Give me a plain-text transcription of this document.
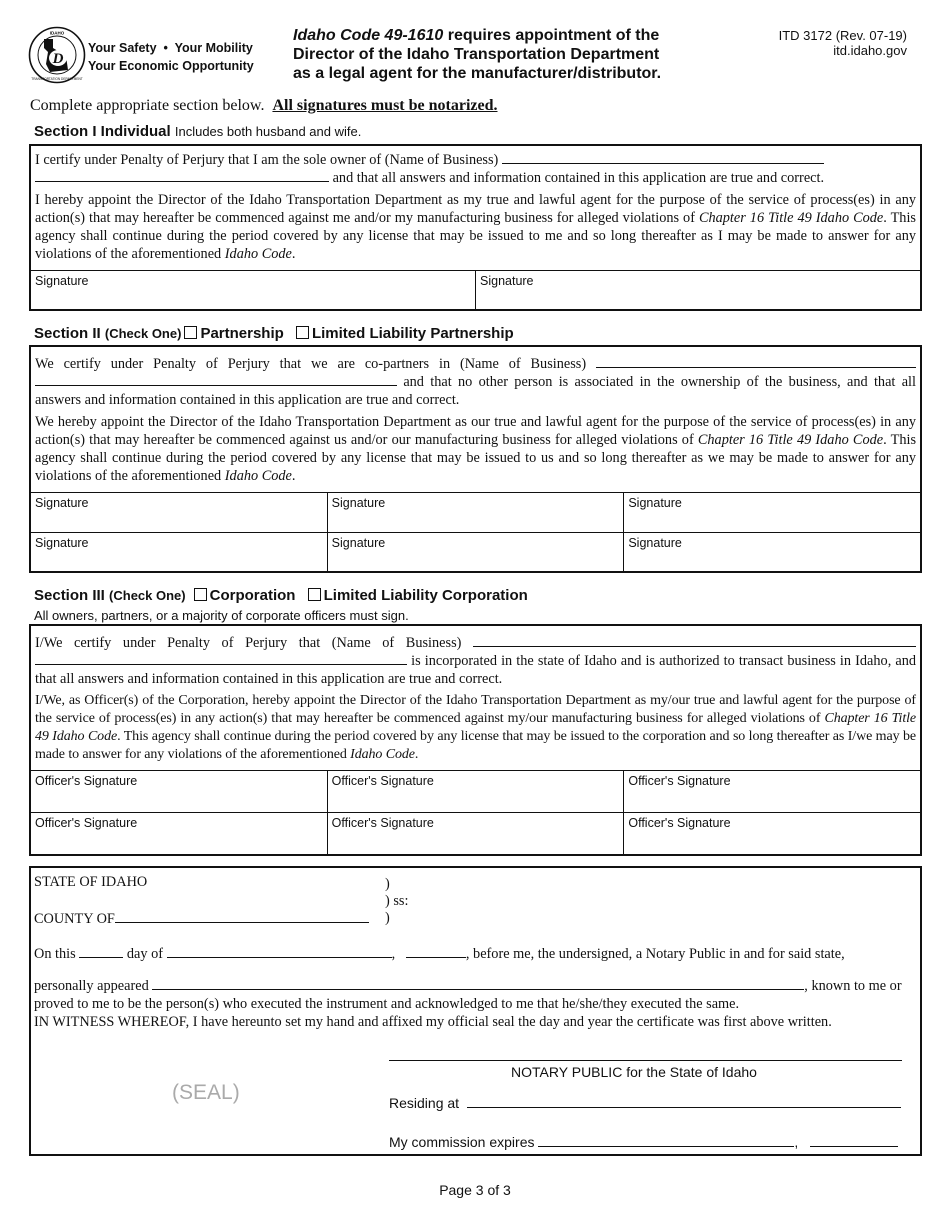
D
IDAHO
TRANSPORTATION DEPARTMENT
Your Safety  •  Your Mobility
Your Economic Opportunity
Idaho Code 49-1610 requires appointment of the
Director of the Idaho Transportation Department
as a legal agent for the manufacturer/distributor.
ITD 3172 (Rev. 07-19)
itd.idaho.gov
Complete appropriate section below. All signatures must be notarized.
Section I Individual Includes both husband and wife.
I certify under Penalty of Perjury that I am the sole owner of (Name of Business)
and that all answers and information contained in this application are true and correct.
I hereby appoint the Director of the Idaho Transportation Department as my true and lawful agent for the purpose of the service of process(es) in any action(s) that may hereafter be commenced against me and/or my manufacturing business for alleged violations of Chapter 16 Title 49 Idaho Code. This agency shall continue during the period covered by any license that may be issued to me and so long thereafter as I may be made to answer for any violations of the aforementioned Idaho Code.
Signature	Signature
Section II (Check One) Partnership Limited Liability Partnership
We certify under Penalty of Perjury that we are co-partners in (Name of Business)   and that no other person is associated in the ownership of the business, and that all answers and information contained in this application are true and correct.
We hereby appoint the Director of the Idaho Transportation Department as our true and lawful agent for the purpose of the service of process(es) in any action(s) that may hereafter be commenced against us and/or our manufacturing business for alleged violations of Chapter 16 Title 49 Idaho Code. This agency shall continue during the period covered by any license that may be issued to us and so long thereafter as we may be made to answer for any violations of the aforementioned Idaho Code.
Signature	Signature	Signature
Signature	Signature	Signature
Section III (Check One) Corporation Limited Liability Corporation
All owners, partners, or a majority of corporate officers must sign.
I/We certify under Penalty of Perjury that (Name of Business)   is incorporated in the state of Idaho and is authorized to transact business in Idaho, and that all answers and information contained in this application are true and correct.
I/We, as Officer(s) of the Corporation, hereby appoint the Director of the Idaho Transportation Department as my/our true and lawful agent for the purpose of the service of process(es) in any action(s) that may hereafter be commenced against my/our manufacturing business for alleged violations of Chapter 16 Title 49 Idaho Code. This agency shall continue during the period covered by any license that may be issued to the corporation and so long thereafter as I/we may be made to answer for any violations of the aforementioned Idaho Code.
Officer's Signature	Officer's Signature	Officer's Signature
Officer's Signature	Officer's Signature	Officer's Signature
STATE OF IDAHO	)
) ss:
COUNTY OF	)
On this	day of	,	, before me, the undersigned, a Notary Public in and for said state,
personally appeared	, known to me or
proved to me to be the person(s) who executed the instrument and acknowledged to me that he/she/they executed the same.
IN WITNESS WHEREOF, I have hereunto set my hand and affixed my official seal the day and year the certificate was first above written.
NOTARY PUBLIC for the State of Idaho
(SEAL)	Residing at
My commission expires	,
Page 3 of 3
